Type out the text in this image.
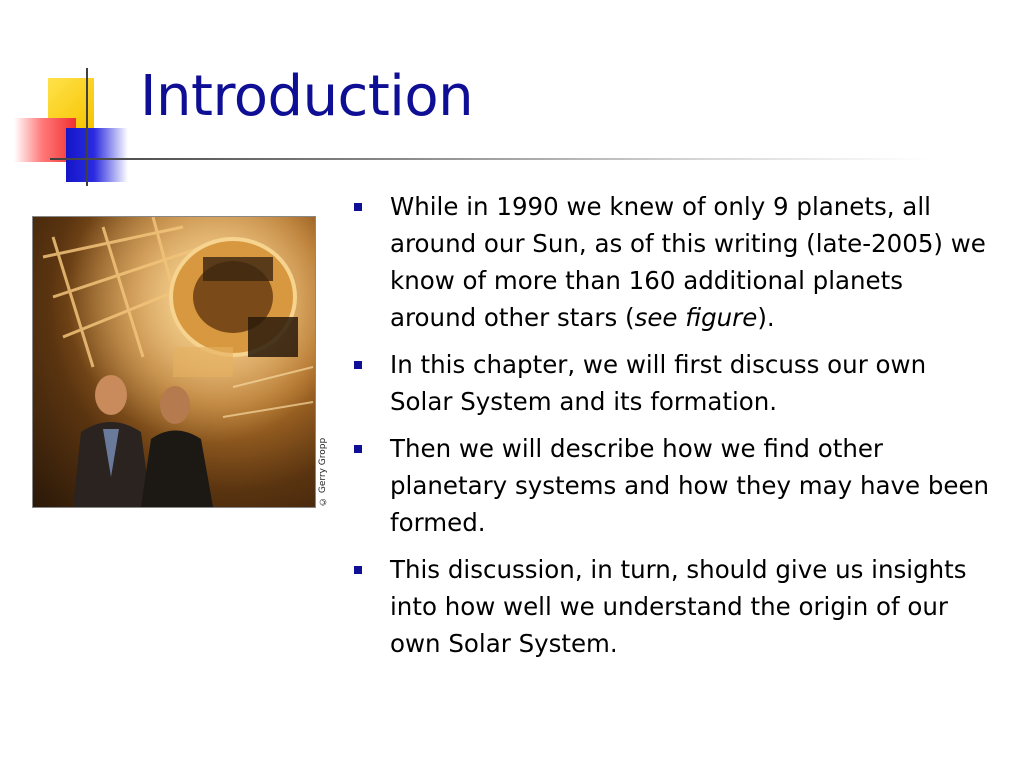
Introduction
© Gerry Gropp
While in 1990 we knew of only 9 planets, all around our Sun, as of this writing (late-2005) we know of more than 160 additional planets around other stars (see figure).
In this chapter, we will first discuss our own Solar System and its formation.
Then we will describe how we find other planetary systems and how they may have been formed.
This discussion, in turn, should give us insights into how well we understand the origin of our own Solar System.
